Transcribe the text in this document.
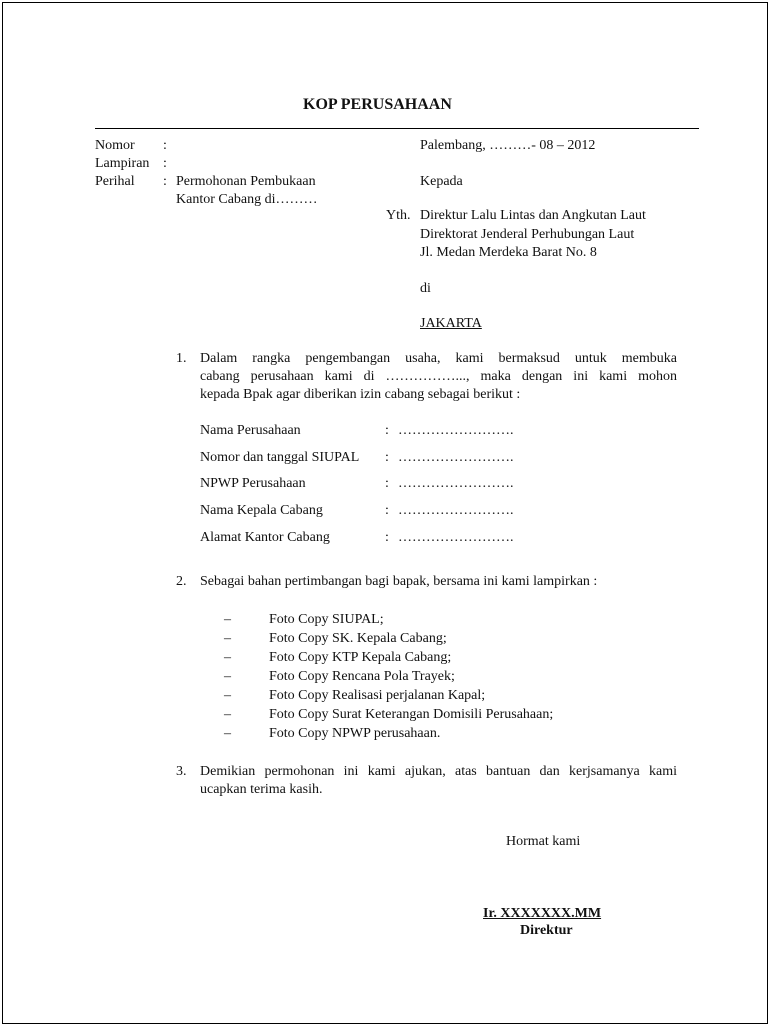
KOP PERUSAHAAN
Nomor :
Lampiran :
Perihal : Permohonan Pembukaan
Kantor Cabang di………
Palembang, ………- 08 – 2012
Kepada
Yth. Direktur Lalu Lintas dan Angkutan Laut
Direktorat Jenderal Perhubungan Laut
Jl. Medan Merdeka Barat No. 8
di
JAKARTA
1. Dalam rangka pengembangan usaha, kami bermaksud untuk membuka
cabang perusahaan kami di ……………..., maka dengan ini kami mohon
kepada Bpak agar diberikan izin cabang sebagai berikut :
Nama Perusahaan	: …………………….
Nomor dan tanggal SIUPAL : …………………….
NPWP Perusahaan	: …………………….
Nama Kepala Cabang	: …………………….
Alamat Kantor Cabang	: …………………….
2. Sebagai bahan pertimbangan bagi bapak, bersama ini kami lampirkan :
–	Foto Copy SIUPAL;
–	Foto Copy SK. Kepala Cabang;
–	Foto Copy KTP Kepala Cabang;
–	Foto Copy Rencana Pola Trayek;
–	Foto Copy Realisasi perjalanan Kapal;
–	Foto Copy Surat Keterangan Domisili Perusahaan;
–	Foto Copy NPWP perusahaan.
3. Demikian permohonan ini kami ajukan, atas bantuan dan kerjsamanya kami
ucapkan terima kasih.
Hormat kami
Ir. XXXXXXX.MM
Direktur
